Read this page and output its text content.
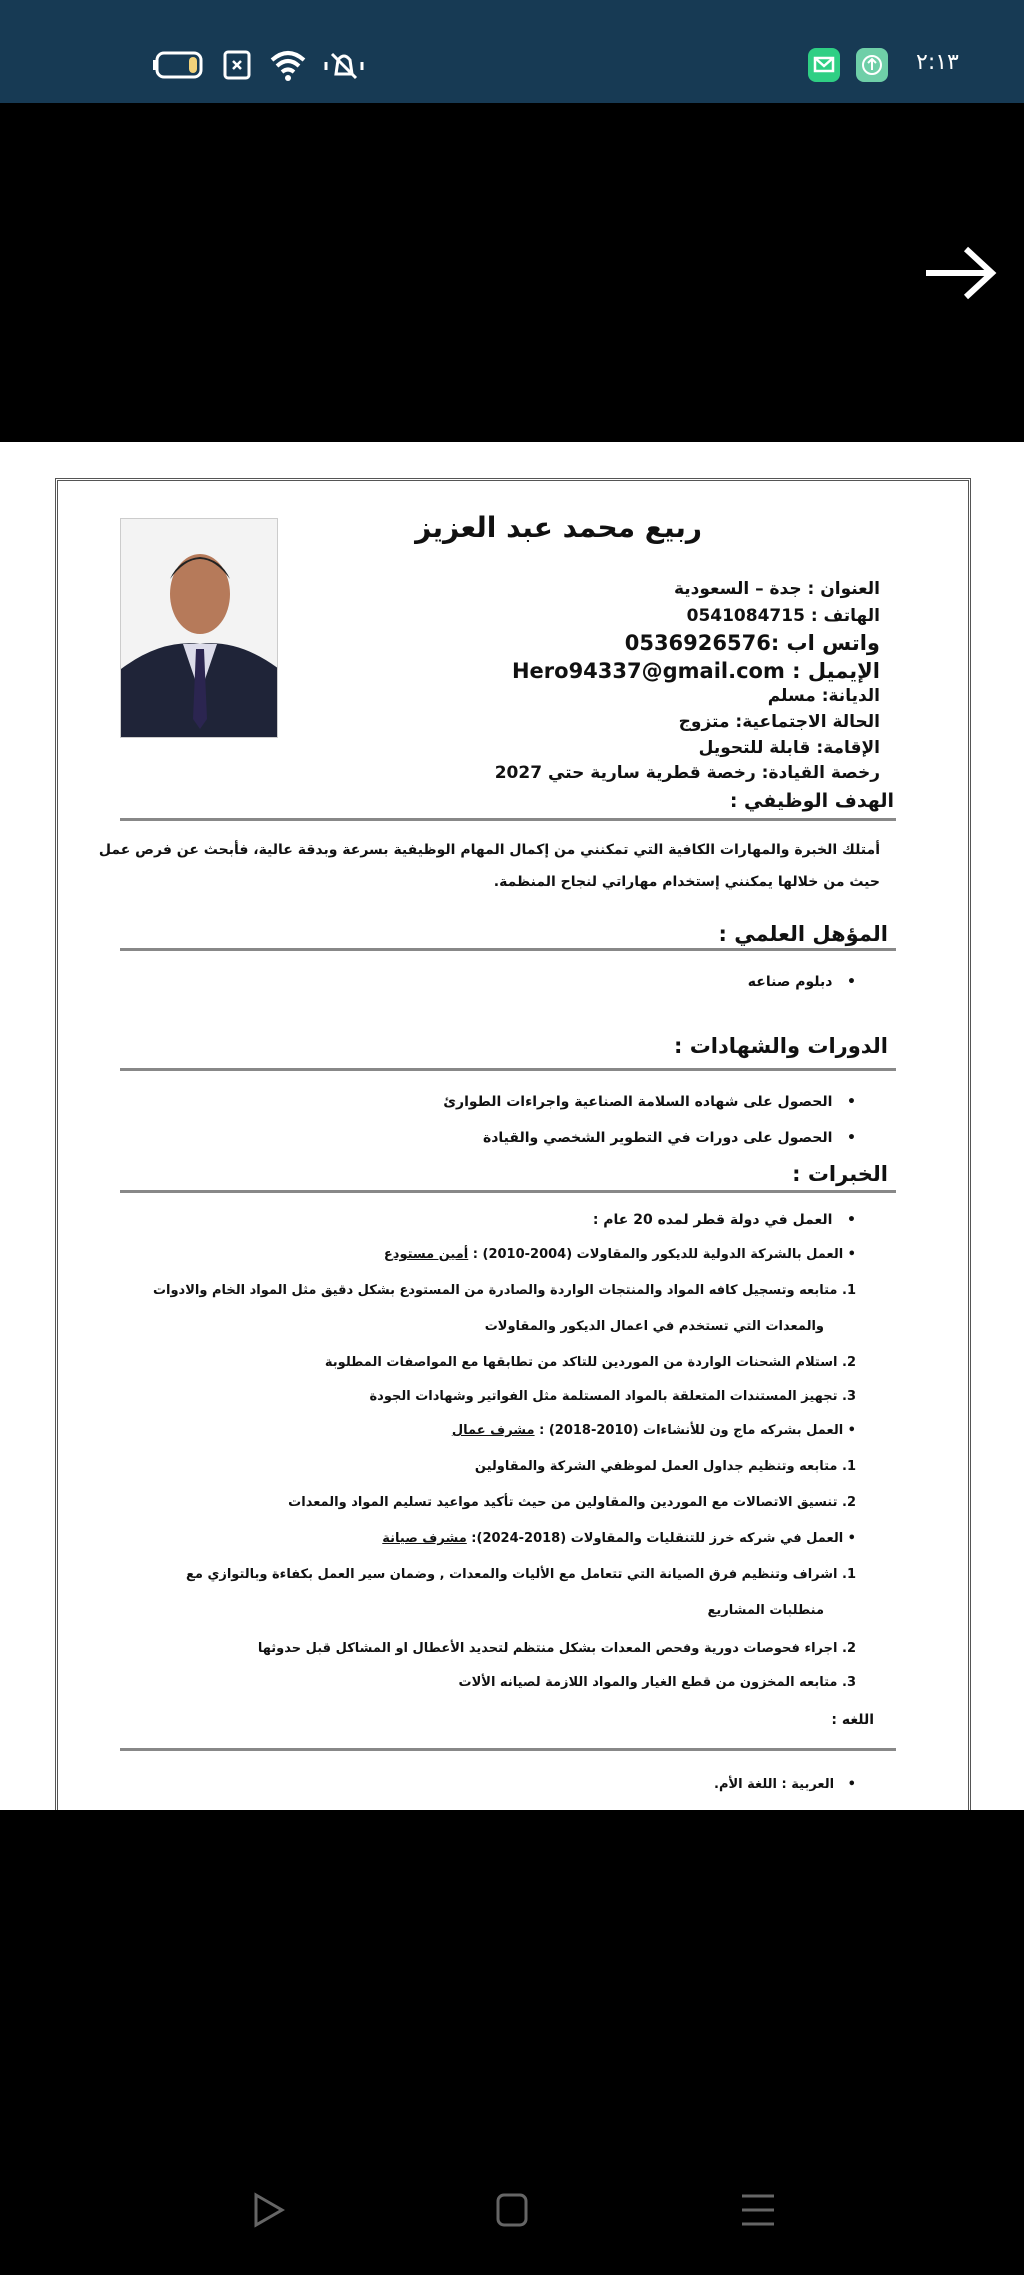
٢:١٣
ربيع محمد عبد العزيز
العنوان : جدة – السعودية
الهاتف : 0541084715
واتس اب :0536926576
الإيميل : Hero94337@gmail.com
الديانة: مسلم
الحالة الاجتماعية: متزوج
الإقامة: قابلة للتحويل
رخصة القيادة: رخصة قطرية سارية حتي 2027
الهدف الوظيفي :
أمتلك الخبرة والمهارات الكافية التي تمكنني من إكمال المهام الوظيفية بسرعة وبدقة عالية، فأبحث عن فرص عمل
حيث من خلالها يمكنني إستخدام مهاراتي لنجاح المنظمة.
المؤهل العلمي :
•   دبلوم صناعه
الدورات والشهادات :
•   الحصول على شهاده السلامة الصناعية واجراءات الطوارئ
•   الحصول على دورات في التطوير الشخصي والقيادة
الخبرات :
•   العمل في دولة قطر لمده 20 عام :
• العمل بالشركة الدولية للديكور والمقاولات (2004-2010) : أمين مستودع
1. متابعه وتسجيل كافه المواد والمنتجات الواردة والصادرة من المستودع بشكل دقيق مثل المواد الخام والادوات
والمعدات التي تستخدم في اعمال الديكور والمقاولات
2. استلام الشحنات الواردة من الموردين للتاكد من تطابقها مع المواصفات المطلوبة
3. تجهيز المستندات المتعلقة بالمواد المستلمة مثل الفواتير وشهادات الجودة
• العمل بشركه ماج ون للأنشاءات (2010-2018) : مشرف عمال
1. متابعه وتنظيم جداول العمل لموظفي الشركة والمقاولين
2. تنسيق الاتصالات مع الموردين والمقاولين من حيث تأكيد مواعيد تسليم المواد والمعدات
• العمل في شركه خرز للتنقليات والمقاولات (2018-2024): مشرف صيانة
1. اشراف وتنظيم فرق الصيانة التي تتعامل مع الأليات والمعدات , وضمان سير العمل بكفاءة وبالتوازي مع
منطلبات المشاريع
2. اجراء فحوصات دورية وفحص المعدات بشكل منتظم لتحديد الأعطال او المشاكل قبل حدوثها
3. متابعه المخزون من قطع الغيار والمواد اللازمة لصيانه الألات
اللغه :
•   العربية : اللغة الأم.
